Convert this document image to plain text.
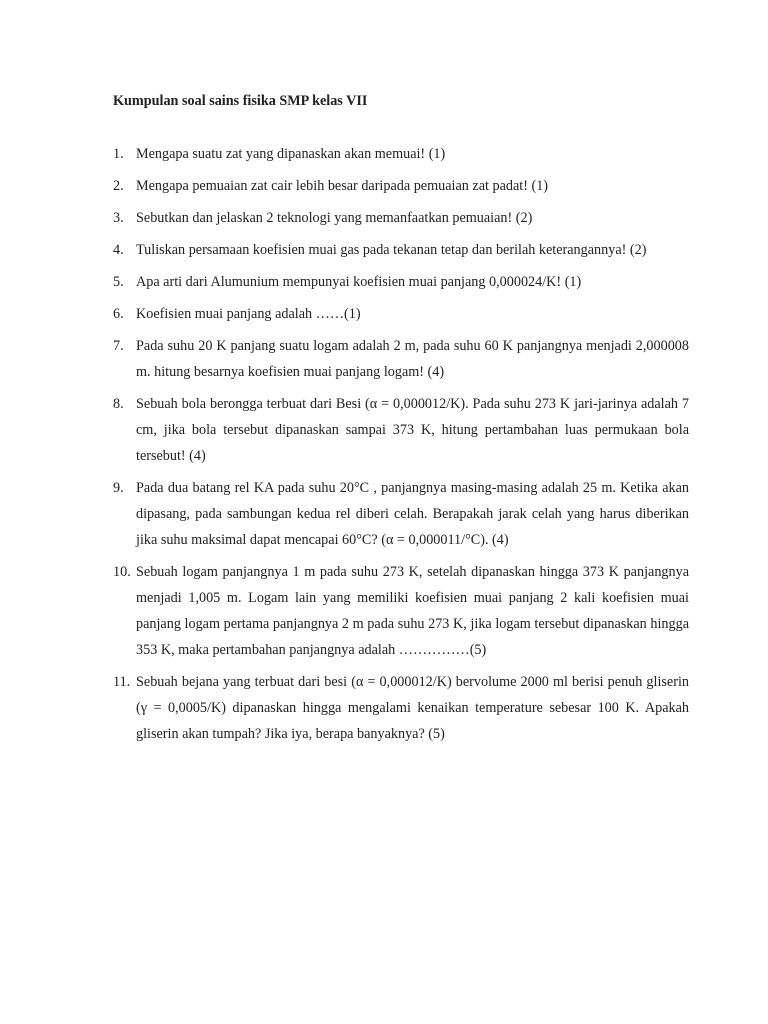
Kumpulan soal sains fisika SMP kelas VII
1. Mengapa suatu zat yang dipanaskan akan memuai! (1)
2. Mengapa pemuaian zat cair lebih besar daripada pemuaian zat padat! (1)
3. Sebutkan dan jelaskan 2 teknologi yang memanfaatkan pemuaian! (2)
4. Tuliskan persamaan koefisien muai gas pada tekanan tetap dan berilah keterangannya! (2)
5. Apa arti dari Alumunium mempunyai koefisien muai panjang 0,000024/K! (1)
6. Koefisien muai panjang adalah ……(1)
7. Pada suhu 20 K panjang suatu logam adalah 2 m, pada suhu 60 K panjangnya menjadi 2,000008 m. hitung besarnya koefisien muai panjang logam! (4)
8. Sebuah bola berongga terbuat dari Besi (α = 0,000012/K). Pada suhu 273 K jari-jarinya adalah 7 cm, jika bola tersebut dipanaskan sampai 373 K, hitung pertambahan luas permukaan bola tersebut! (4)
9. Pada dua batang rel KA pada suhu 20°C , panjangnya masing-masing adalah 25 m. Ketika akan dipasang, pada sambungan kedua rel diberi celah. Berapakah jarak celah yang harus diberikan jika suhu maksimal dapat mencapai 60°C? (α = 0,000011/°C). (4)
10. Sebuah logam panjangnya 1 m pada suhu 273 K, setelah dipanaskan hingga 373 K panjangnya menjadi 1,005 m. Logam lain yang memiliki koefisien muai panjang 2 kali koefisien muai panjang logam pertama panjangnya 2 m pada suhu 273 K, jika logam tersebut dipanaskan hingga 353 K, maka pertambahan panjangnya adalah ……………(5)
11. Sebuah bejana yang terbuat dari besi (α = 0,000012/K) bervolume 2000 ml berisi penuh gliserin (γ = 0,0005/K) dipanaskan hingga mengalami kenaikan temperature sebesar 100 K. Apakah gliserin akan tumpah? Jika iya, berapa banyaknya? (5)
